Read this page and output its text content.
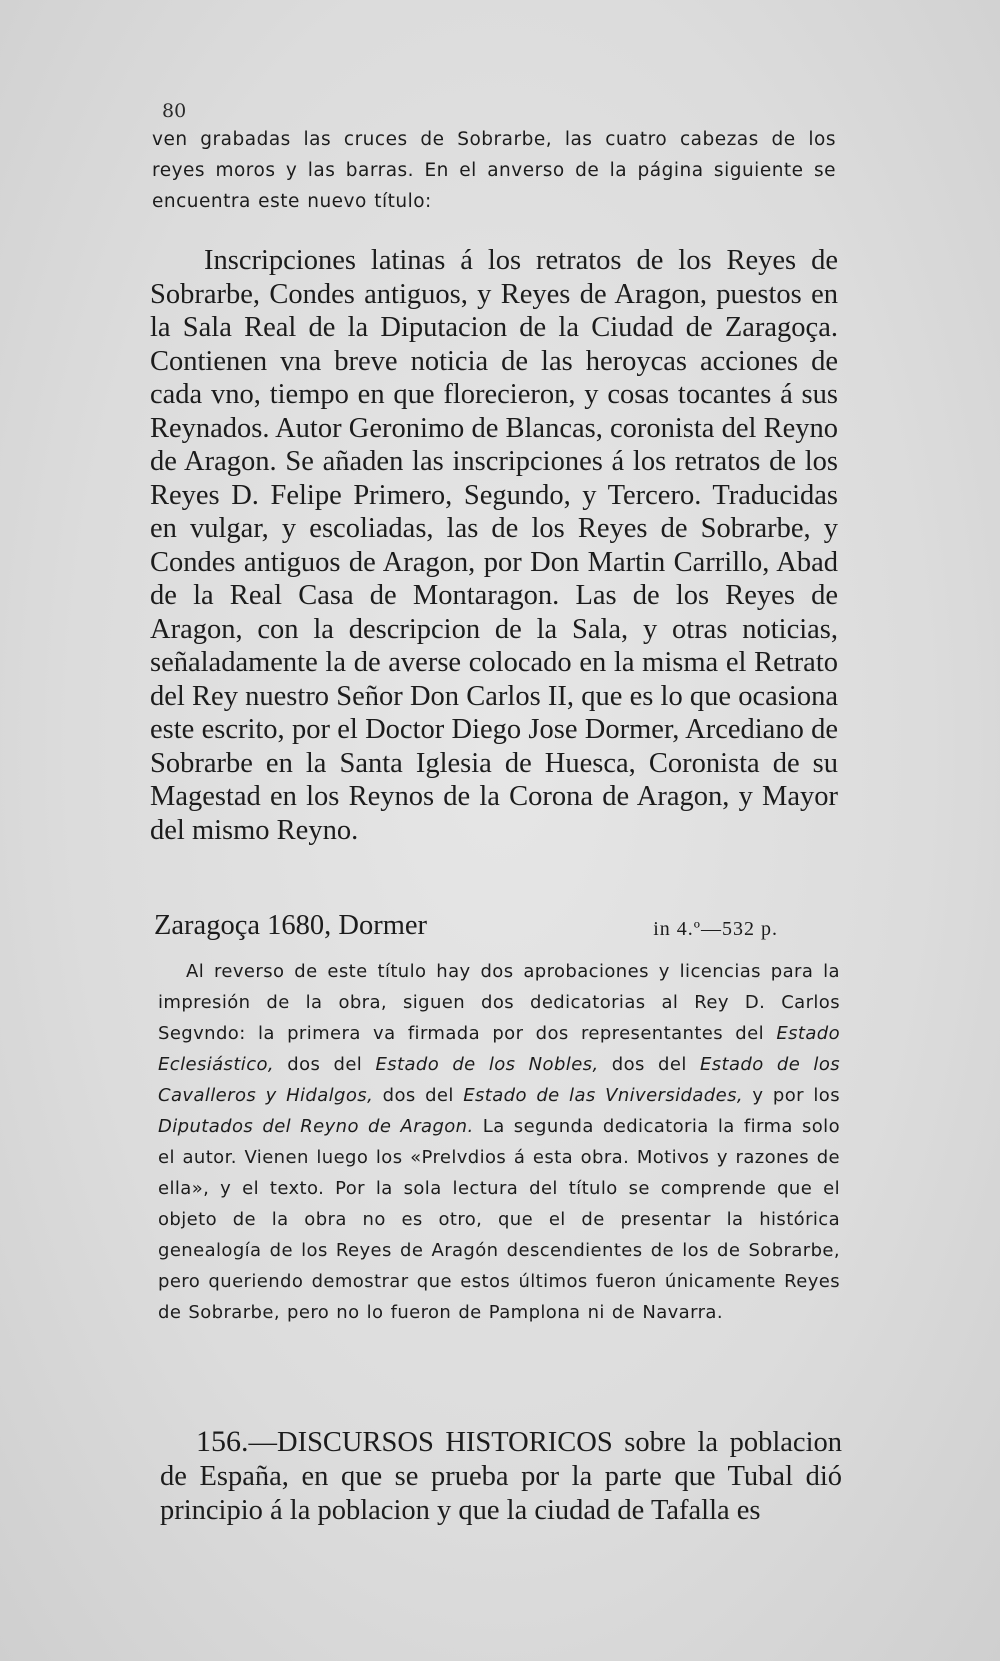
80
ven grabadas las cruces de Sobrarbe, las cuatro cabezas de los reyes moros y las barras. En el anverso de la página siguiente se encuentra este nuevo título:

Inscripciones latinas á los retratos de los Reyes de Sobrarbe, Condes antiguos, y Reyes de Aragon, puestos en la Sala Real de la Diputacion de la Ciudad de Zaragoça. Contienen vna breve noticia de las heroycas acciones de cada vno, tiempo en que florecieron, y cosas tocantes á sus Reynados. Autor Geronimo de Blancas, coronista del Reyno de Aragon. Se añaden las inscripciones á los retratos de los Reyes D. Felipe Primero, Segundo, y Tercero. Traducidas en vulgar, y escoliadas, las de los Reyes de Sobrarbe, y Condes antiguos de Aragon, por Don Martin Carrillo, Abad de la Real Casa de Montaragon. Las de los Reyes de Aragon, con la descripcion de la Sala, y otras noticias, señaladamente la de averse colocado en la misma el Retrato del Rey nuestro Señor Don Carlos II, que es lo que ocasiona este escrito, por el Doctor Diego Jose Dormer, Arcediano de Sobrarbe en la Santa Iglesia de Huesca, Coronista de su Magestad en los Reynos de la Corona de Aragon, y Mayor del mismo Reyno.

Zaragoça 1680, Dormer	in 4.º—532 p.

Al reverso de este título hay dos aprobaciones y licencias para la impresión de la obra, siguen dos dedicatorias al Rey D. Carlos Segvndo: la primera va firmada por dos representantes del Estado Eclesiástico, dos del Estado de los Nobles, dos del Estado de los Cavalleros y Hidalgos, dos del Estado de las Vniversidades, y por los Diputados del Reyno de Aragon. La segunda dedicatoria la firma solo el autor. Vienen luego los «Prelvdios á esta obra. Motivos y razones de ella», y el texto. Por la sola lectura del título se comprende que el objeto de la obra no es otro, que el de presentar la histórica genealogía de los Reyes de Aragón descendientes de los de Sobrarbe, pero queriendo demostrar que estos últimos fueron únicamente Reyes de Sobrarbe, pero no lo fueron de Pamplona ni de Navarra.

156.—DISCURSOS HISTORICOS sobre la poblacion de España, en que se prueba por la parte que Tubal dió principio á la poblacion y que la ciudad de Tafalla es
